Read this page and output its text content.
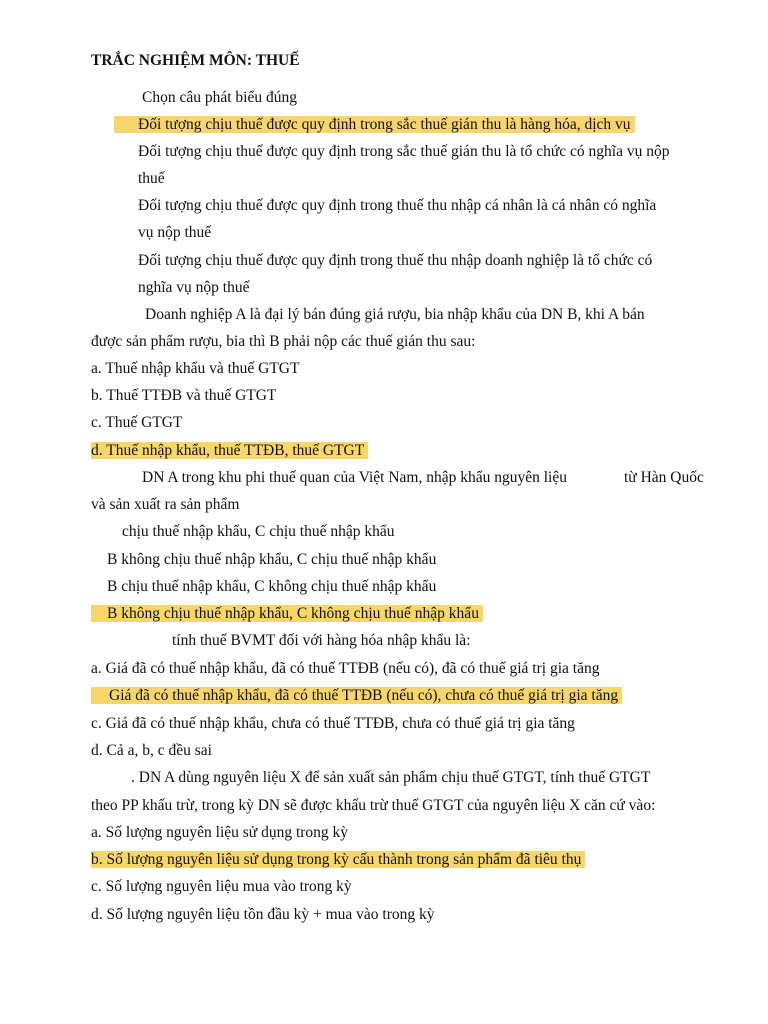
TRẮC NGHIỆM MÔN: THUẾ
Chọn câu phát biểu đúng
Đối tượng chịu thuế được quy định trong sắc thuế gián thu là hàng hóa, dịch vụ
Đối tượng chịu thuế được quy định trong sắc thuế gián thu là tổ chức có nghĩa vụ nộp
thuế
Đối tượng chịu thuế được quy định trong thuế thu nhập cá nhân là cá nhân có nghĩa
vụ nộp thuế
Đối tượng chịu thuế được quy định trong thuế thu nhập doanh nghiệp là tổ chức có
nghĩa vụ nộp thuế
Doanh nghiệp A là đại lý bán đúng giá rượu, bia nhập khẩu của DN B, khi A bán
được sản phẩm rượu, bia thì B phải nộp các thuế gián thu sau:
a. Thuế nhập khẩu và thuế GTGT
b. Thuế TTĐB và thuế GTGT
c. Thuế GTGT
d. Thuế nhập khẩu, thuế TTĐB, thuế GTGT
DN A trong khu phi thuế quan của Việt Nam, nhập khẩu nguyên liệu	từ Hàn Quốc
và sản xuất ra sản phẩm
chịu thuế nhập khẩu, C chịu thuế nhập khẩu
B không chịu thuế nhập khẩu, C chịu thuế nhập khẩu
B chịu thuế nhập khẩu, C không chịu thuế nhập khẩu
B không chịu thuế nhập khẩu, C không chịu thuế nhập khẩu
tính thuế BVMT đối với hàng hóa nhập khẩu là:
a. Giá đã có thuế nhập khẩu, đã có thuế TTĐB (nếu có), đã có thuế giá trị gia tăng
Giá đã có thuế nhập khẩu, đã có thuế TTĐB (nếu có), chưa có thuế giá trị gia tăng
c. Giá đã có thuế nhập khẩu, chưa có thuế TTĐB, chưa có thuế giá trị gia tăng
d. Cả a, b, c đều sai
. DN A dùng nguyên liệu X để sản xuất sản phẩm chịu thuế GTGT, tính thuế GTGT
theo PP khấu trừ, trong kỳ DN sẽ được khấu trừ thuế GTGT của nguyên liệu X căn cứ vào:
a. Số lượng nguyên liệu sử dụng trong kỳ
b. Số lượng nguyên liệu sử dụng trong kỳ cấu thành trong sản phẩm đã tiêu thụ
c. Số lượng nguyên liệu mua vào trong kỳ
d. Số lượng nguyên liệu tồn đầu kỳ + mua vào trong kỳ
